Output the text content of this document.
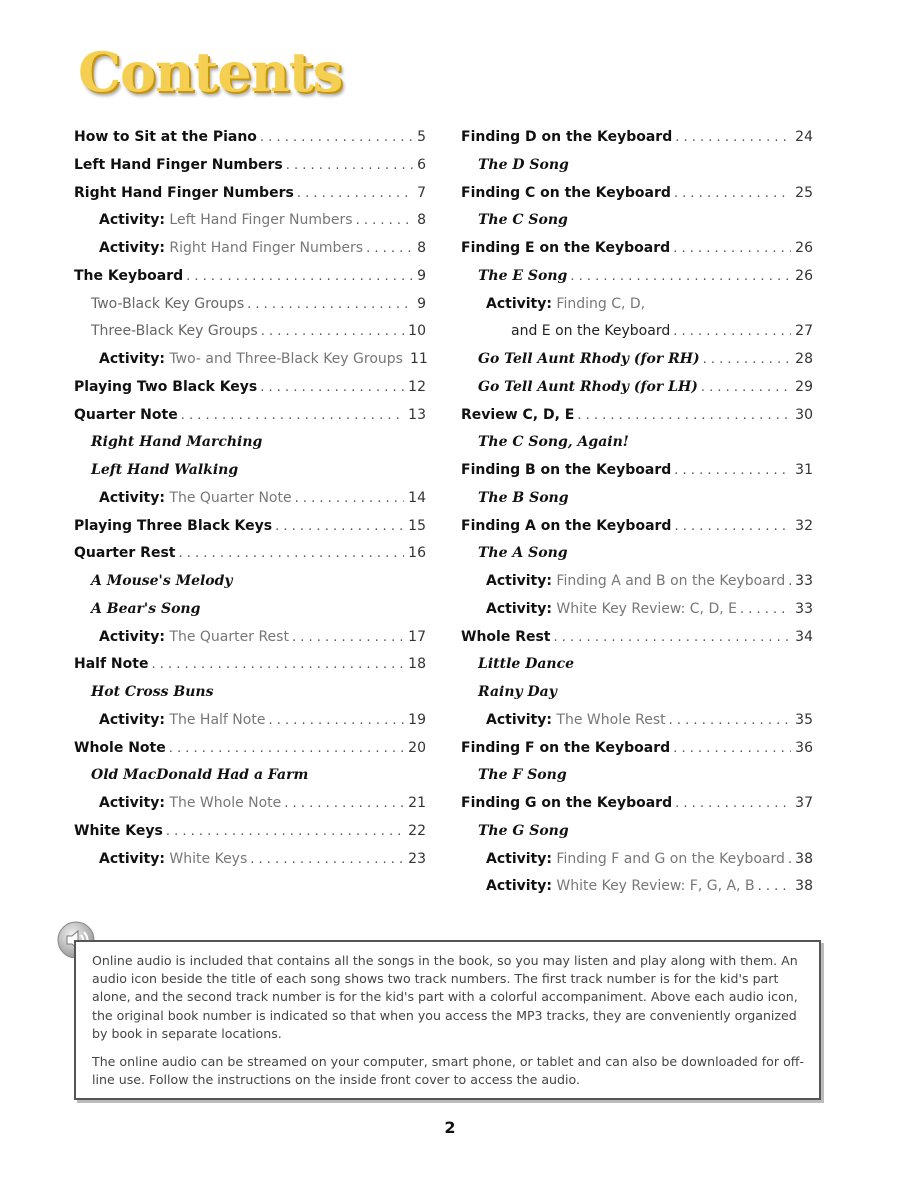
Contents
How to Sit at the Piano . . .	5
Left Hand Finger Numbers . . .	6
Right Hand Finger Numbers . . .	7
Activity: Left Hand Finger Numbers . . .	8
Activity: Right Hand Finger Numbers . . .	8
The Keyboard . . .	9
Two-Black Key Groups . . .	9
Three-Black Key Groups . . .	10
Activity: Two- and Three-Black Key Groups 11
Playing Two Black Keys . . .	12
Quarter Note . . .	13
Right Hand Marching
Left Hand Walking
Activity: The Quarter Note . . .	14
Playing Three Black Keys . . .	15
Quarter Rest . . .	16
A Mouse's Melody
A Bear's Song
Activity: The Quarter Rest . . .	17
Half Note . . .	18
Hot Cross Buns
Activity: The Half Note . . .	19
Whole Note . . .	20
Old MacDonald Had a Farm
Activity: The Whole Note . . .	21
White Keys . . .	22
Activity: White Keys . . .	23
Finding D on the Keyboard . . .	24
The D Song
Finding C on the Keyboard . . .	25
The C Song
Finding E on the Keyboard . . .	26
The E Song . . .	26
Activity: Finding C, D,
and E on the Keyboard . . .	27
Go Tell Aunt Rhody (for RH) . . .	28
Go Tell Aunt Rhody (for LH) . . .	29
Review C, D, E . . .	30
The C Song, Again!
Finding B on the Keyboard . . .	31
The B Song
Finding A on the Keyboard . . .	32
The A Song
Activity: Finding A and B on the Keyboard . . . 33
Activity: White Key Review: C, D, E . . .	33
Whole Rest . . .	34
Little Dance
Rainy Day
Activity: The Whole Rest . . .	35
Finding F on the Keyboard . . .	36
The F Song
Finding G on the Keyboard . . .	37
The G Song
Activity: Finding F and G on the Keyboard . . . 38
Activity: White Key Review: F, G, A, B . . .	38

Online audio is included that contains all the songs in the book, so you may listen and play along with them. An audio icon beside the title of each song shows two track numbers. The first track number is for the kid's part alone, and the second track number is for the kid's part with a colorful accompaniment. Above each audio icon, the original book number is indicated so that when you access the MP3 tracks, they are conveniently organized by book in separate locations.

The online audio can be streamed on your computer, smart phone, or tablet and can also be downloaded for off-line use. Follow the instructions on the inside front cover to access the audio.

2
